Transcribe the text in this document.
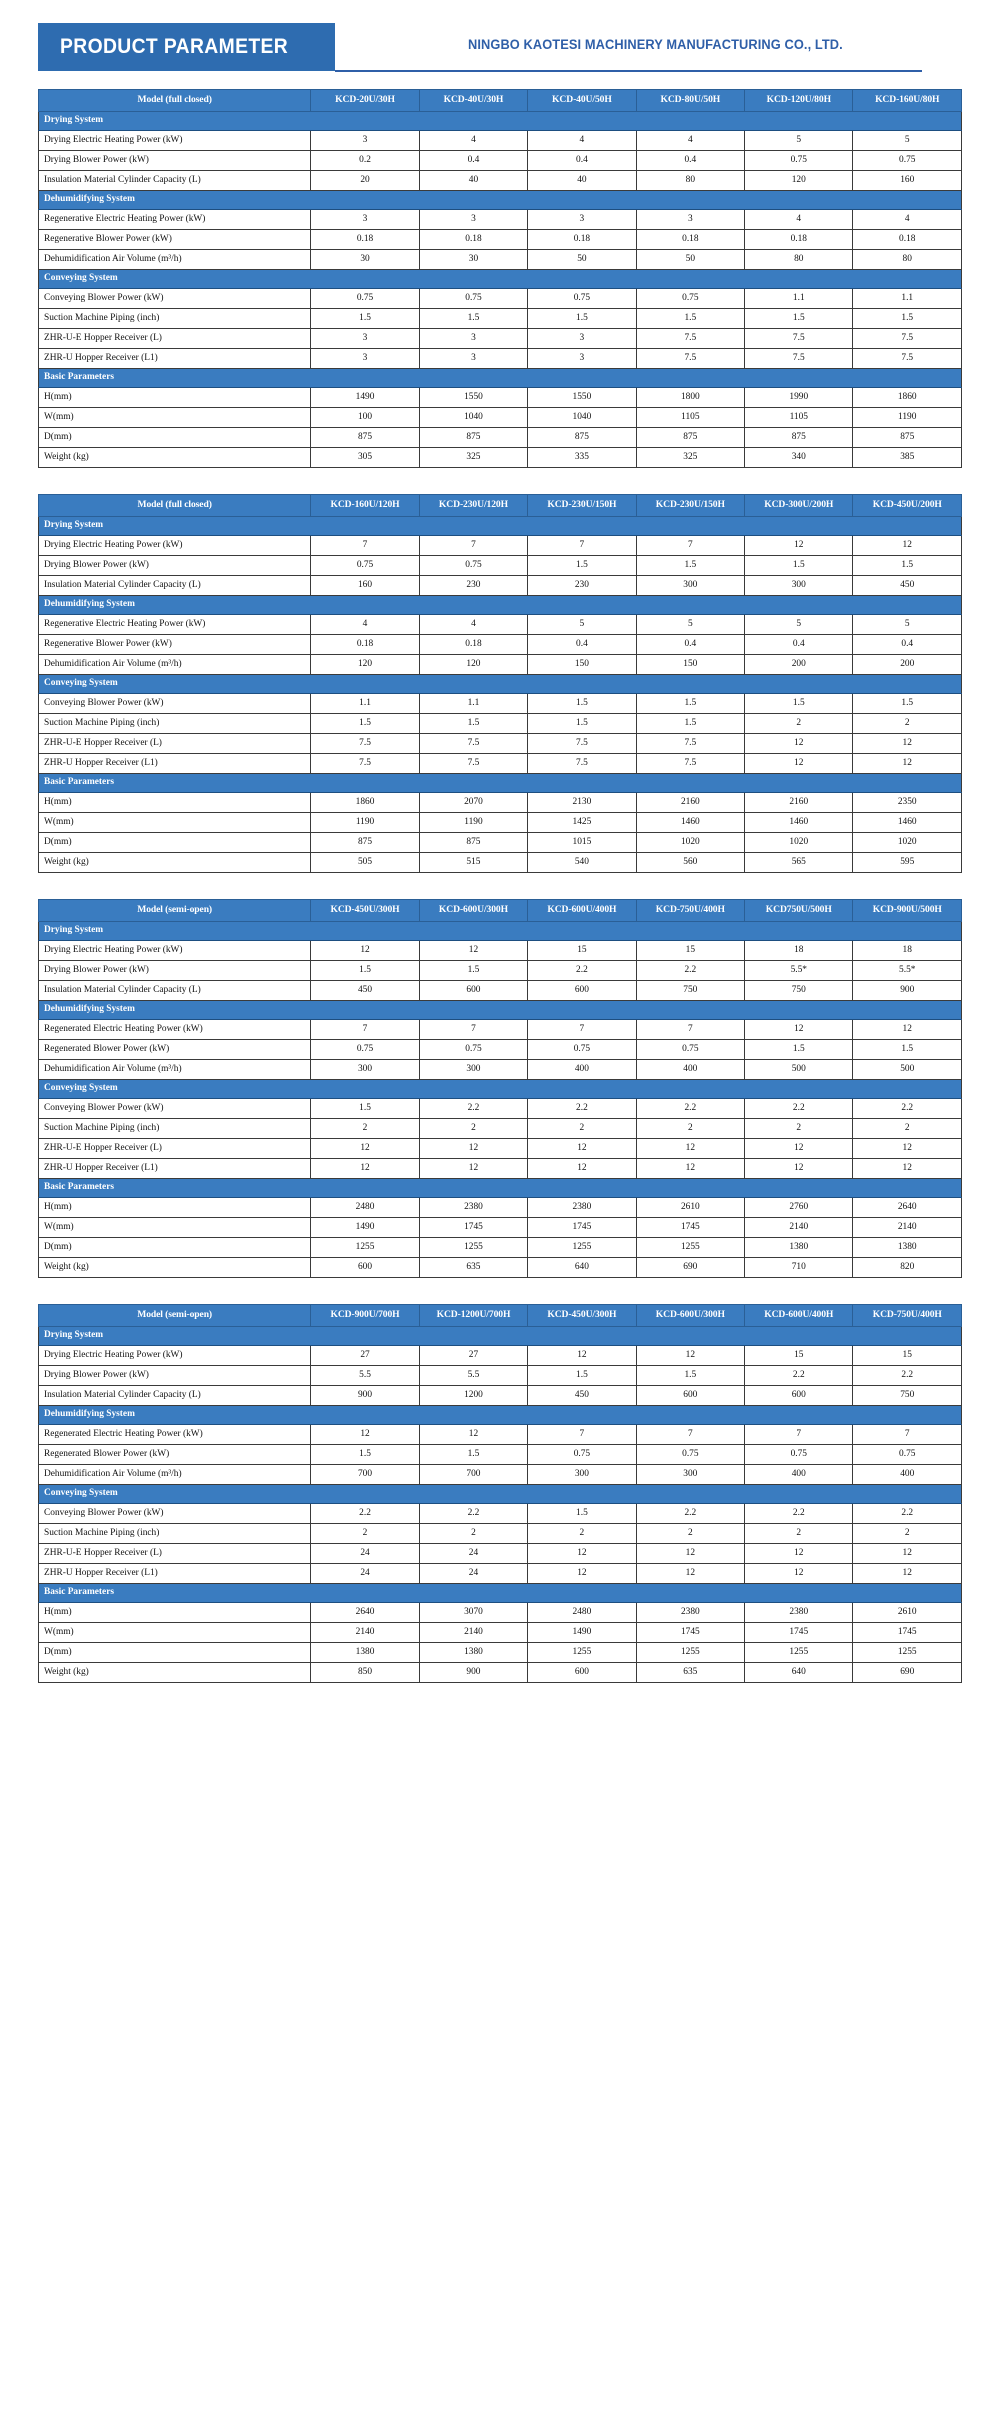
PRODUCT PARAMETER	NINGBO KAOTESI MACHINERY MANUFACTURING CO., LTD.
Model (full closed)	KCD-20U/30H	KCD-40U/30H	KCD-40U/50H	KCD-80U/50H	KCD-120U/80H	KCD-160U/80H
Drying System						
Drying Electric Heating Power (kW)	3	4	4	4	5	5
Drying Blower Power (kW)	0.2	0.4	0.4	0.4	0.75	0.75
Insulation Material Cylinder Capacity (L)	20	40	40	80	120	160
Dehumidifying System						
Regenerative Electric Heating Power (kW)	3	3	3	3	4	4
Regenerative Blower Power (kW)	0.18	0.18	0.18	0.18	0.18	0.18
Dehumidification Air Volume (m³/h)	30	30	50	50	80	80
Conveying System						
Conveying Blower Power (kW)	0.75	0.75	0.75	0.75	1.1	1.1
Suction Machine Piping (inch)	1.5	1.5	1.5	1.5	1.5	1.5
ZHR-U-E Hopper Receiver (L)	3	3	3	7.5	7.5	7.5
ZHR-U Hopper Receiver (L1)	3	3	3	7.5	7.5	7.5
Basic Parameters						
H(mm)	1490	1550	1550	1800	1990	1860
W(mm)	100	1040	1040	1105	1105	1190
D(mm)	875	875	875	875	875	875
Weight (kg)	305	325	335	325	340	385
Model (full closed)	KCD-160U/120H	KCD-230U/120H	KCD-230U/150H	KCD-230U/150H	KCD-300U/200H	KCD-450U/200H
Drying System						
Drying Electric Heating Power (kW)	7	7	7	7	12	12
Drying Blower Power (kW)	0.75	0.75	1.5	1.5	1.5	1.5
Insulation Material Cylinder Capacity (L)	160	230	230	300	300	450
Dehumidifying System						
Regenerative Electric Heating Power (kW)	4	4	5	5	5	5
Regenerative Blower Power (kW)	0.18	0.18	0.4	0.4	0.4	0.4
Dehumidification Air Volume (m³/h)	120	120	150	150	200	200
Conveying System						
Conveying Blower Power (kW)	1.1	1.1	1.5	1.5	1.5	1.5
Suction Machine Piping (inch)	1.5	1.5	1.5	1.5	2	2
ZHR-U-E Hopper Receiver (L)	7.5	7.5	7.5	7.5	12	12
ZHR-U Hopper Receiver (L1)	7.5	7.5	7.5	7.5	12	12
Basic Parameters						
H(mm)	1860	2070	2130	2160	2160	2350
W(mm)	1190	1190	1425	1460	1460	1460
D(mm)	875	875	1015	1020	1020	1020
Weight (kg)	505	515	540	560	565	595
Model (semi-open)	KCD-450U/300H	KCD-600U/300H	KCD-600U/400H	KCD-750U/400H	KCD750U/500H	KCD-900U/500H
Drying System						
Drying Electric Heating Power (kW)	12	12	15	15	18	18
Drying Blower Power (kW)	1.5	1.5	2.2	2.2	5.5*	5.5*
Insulation Material Cylinder Capacity (L)	450	600	600	750	750	900
Dehumidifying System						
Regenerated Electric Heating Power (kW)	7	7	7	7	12	12
Regenerated Blower Power (kW)	0.75	0.75	0.75	0.75	1.5	1.5
Dehumidification Air Volume (m³/h)	300	300	400	400	500	500
Conveying System						
Conveying Blower Power (kW)	1.5	2.2	2.2	2.2	2.2	2.2
Suction Machine Piping (inch)	2	2	2	2	2	2
ZHR-U-E Hopper Receiver (L)	12	12	12	12	12	12
ZHR-U Hopper Receiver (L1)	12	12	12	12	12	12
Basic Parameters						
H(mm)	2480	2380	2380	2610	2760	2640
W(mm)	1490	1745	1745	1745	2140	2140
D(mm)	1255	1255	1255	1255	1380	1380
Weight (kg)	600	635	640	690	710	820
Model (semi-open)	KCD-900U/700H	KCD-1200U/700H	KCD-450U/300H	KCD-600U/300H	KCD-600U/400H	KCD-750U/400H
Drying System						
Drying Electric Heating Power (kW)	27	27	12	12	15	15
Drying Blower Power (kW)	5.5	5.5	1.5	1.5	2.2	2.2
Insulation Material Cylinder Capacity (L)	900	1200	450	600	600	750
Dehumidifying System						
Regenerated Electric Heating Power (kW)	12	12	7	7	7	7
Regenerated Blower Power (kW)	1.5	1.5	0.75	0.75	0.75	0.75
Dehumidification Air Volume (m³/h)	700	700	300	300	400	400
Conveying System						
Conveying Blower Power (kW)	2.2	2.2	1.5	2.2	2.2	2.2
Suction Machine Piping (inch)	2	2	2	2	2	2
ZHR-U-E Hopper Receiver (L)	24	24	12	12	12	12
ZHR-U Hopper Receiver (L1)	24	24	12	12	12	12
Basic Parameters						
H(mm)	2640	3070	2480	2380	2380	2610
W(mm)	2140	2140	1490	1745	1745	1745
D(mm)	1380	1380	1255	1255	1255	1255
Weight (kg)	850	900	600	635	640	690
